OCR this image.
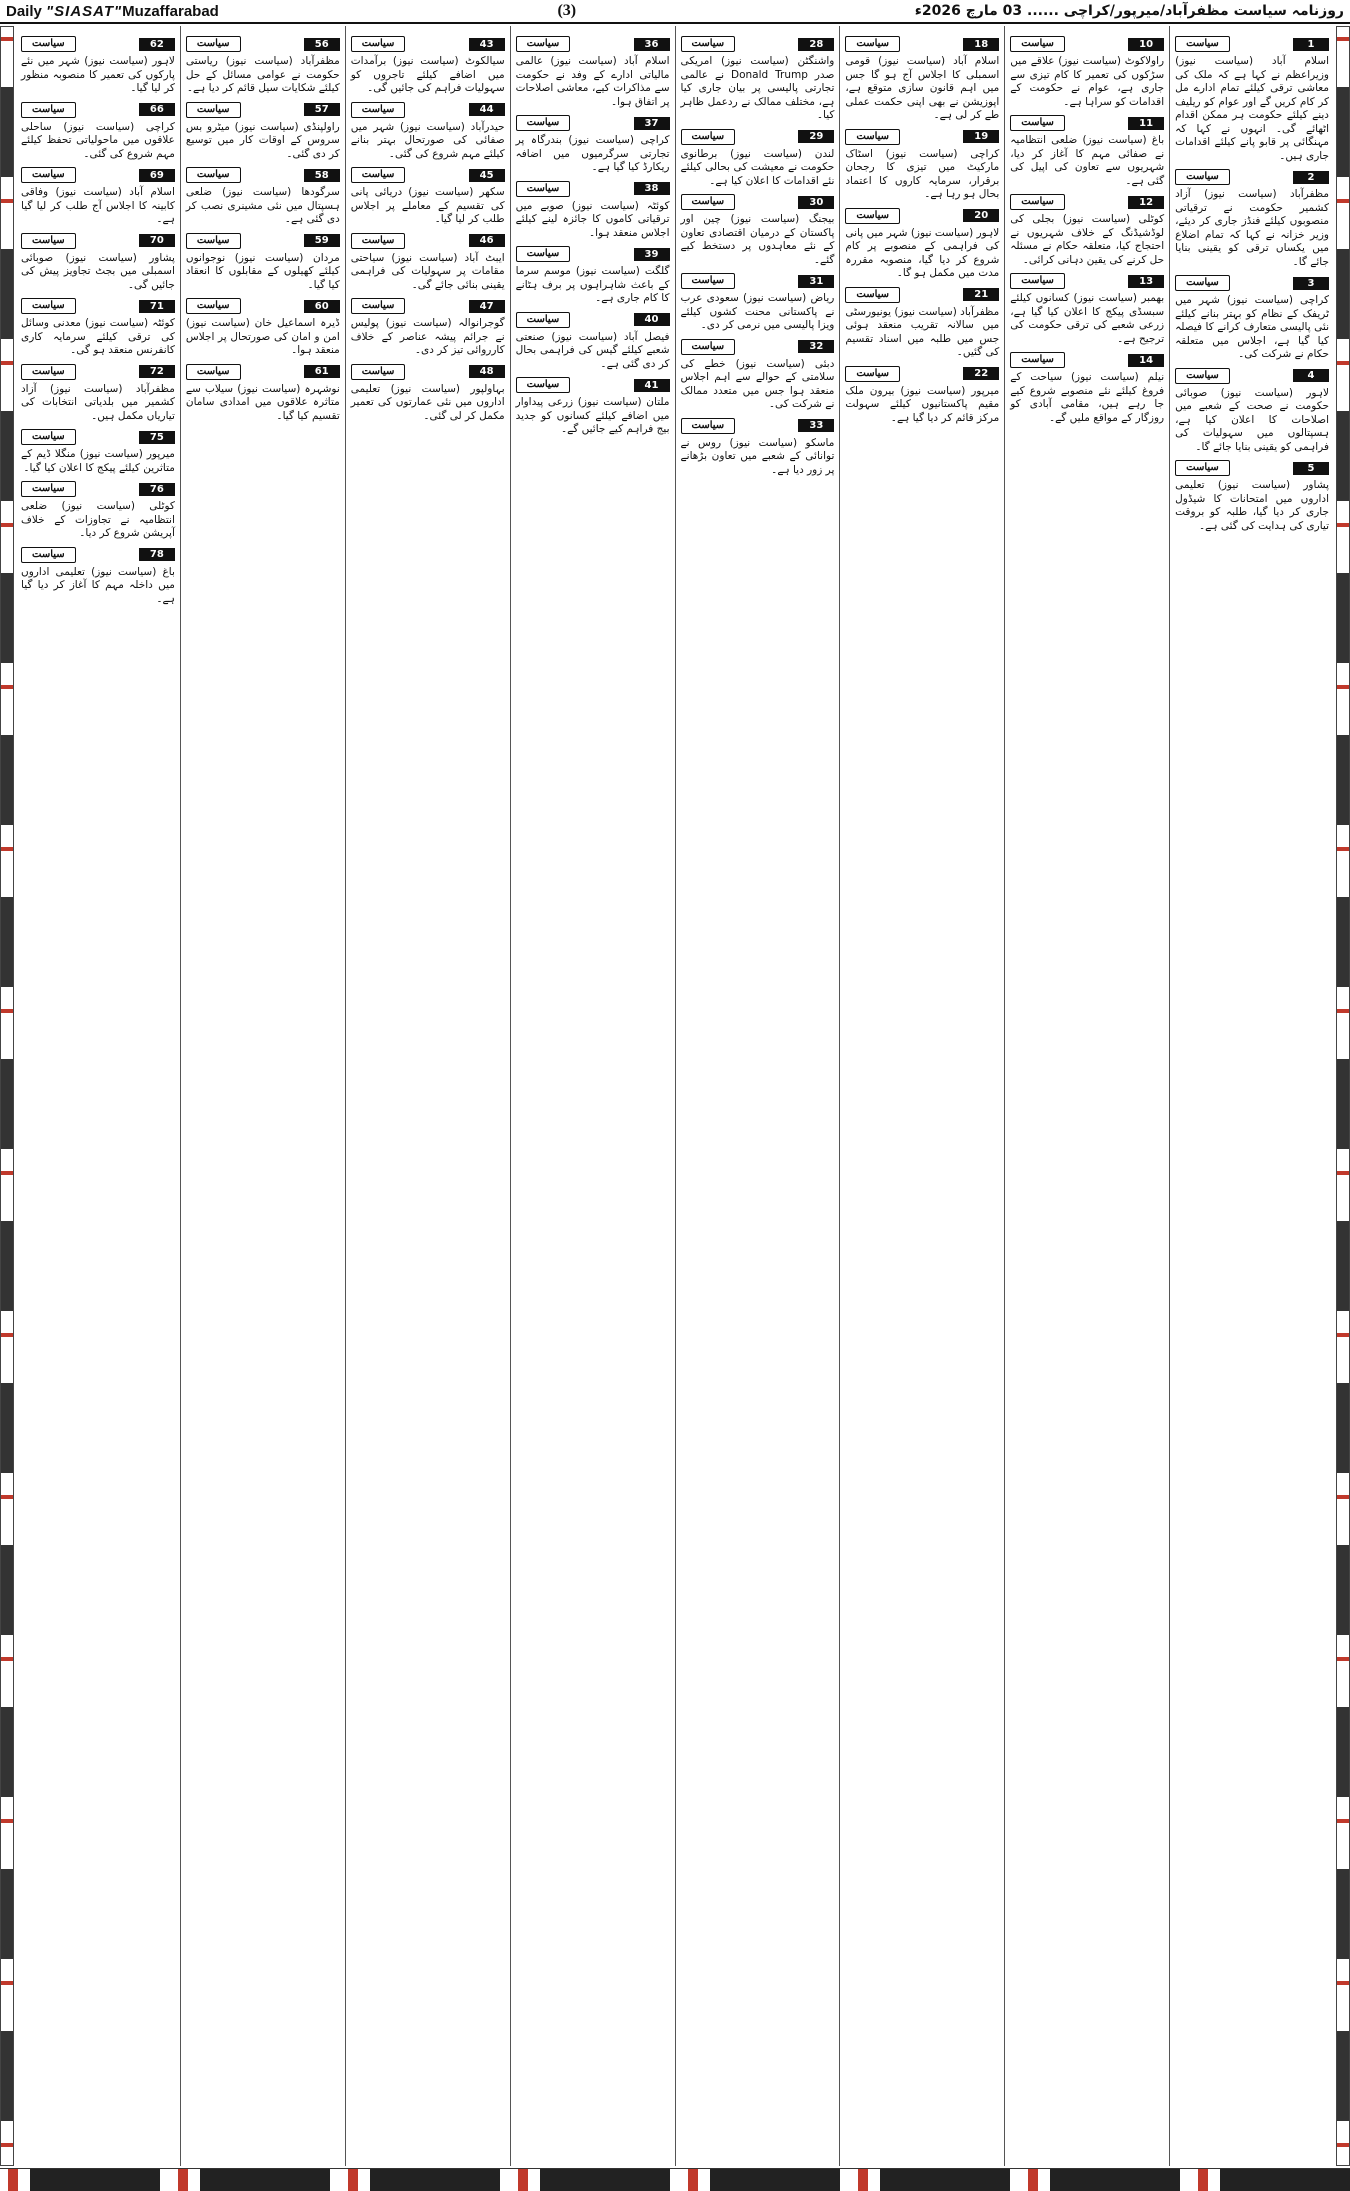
Daily "SIASAT"Muzaffarabad	(3)	روزنامہ سیاست مظفرآباد/میرپور/کراچی ...... 03 مارچ 2026ء
1
سیاست
اسلام آباد (سیاست نیوز) وزیراعظم نے کہا ہے کہ ملک کی معاشی ترقی کیلئے تمام ادارے مل کر کام کریں گے اور عوام کو ریلیف دینے کیلئے حکومت ہر ممکن اقدام اٹھائے گی۔ انہوں نے کہا کہ مہنگائی پر قابو پانے کیلئے اقدامات جاری ہیں۔
2
سیاست
مظفرآباد (سیاست نیوز) آزاد کشمیر حکومت نے ترقیاتی منصوبوں کیلئے فنڈز جاری کر دیئے، وزیر خزانہ نے کہا کہ تمام اضلاع میں یکساں ترقی کو یقینی بنایا جائے گا۔
3
سیاست
کراچی (سیاست نیوز) شہر میں ٹریفک کے نظام کو بہتر بنانے کیلئے نئی پالیسی متعارف کرانے کا فیصلہ کیا گیا ہے، اجلاس میں متعلقہ حکام نے شرکت کی۔
4
سیاست
لاہور (سیاست نیوز) صوبائی حکومت نے صحت کے شعبے میں اصلاحات کا اعلان کیا ہے، ہسپتالوں میں سہولیات کی فراہمی کو یقینی بنایا جائے گا۔
5
سیاست
پشاور (سیاست نیوز) تعلیمی اداروں میں امتحانات کا شیڈول جاری کر دیا گیا، طلبہ کو بروقت تیاری کی ہدایت کی گئی ہے۔
10
سیاست
راولاکوٹ (سیاست نیوز) علاقے میں سڑکوں کی تعمیر کا کام تیزی سے جاری ہے، عوام نے حکومت کے اقدامات کو سراہا ہے۔
11
سیاست
باغ (سیاست نیوز) ضلعی انتظامیہ نے صفائی مہم کا آغاز کر دیا، شہریوں سے تعاون کی اپیل کی گئی ہے۔
12
سیاست
کوٹلی (سیاست نیوز) بجلی کی لوڈشیڈنگ کے خلاف شہریوں نے احتجاج کیا، متعلقہ حکام نے مسئلہ حل کرنے کی یقین دہانی کرائی۔
13
سیاست
بھمبر (سیاست نیوز) کسانوں کیلئے سبسڈی پیکج کا اعلان کیا گیا ہے، زرعی شعبے کی ترقی حکومت کی ترجیح ہے۔
14
سیاست
نیلم (سیاست نیوز) سیاحت کے فروغ کیلئے نئے منصوبے شروع کیے جا رہے ہیں، مقامی آبادی کو روزگار کے مواقع ملیں گے۔
18
سیاست
اسلام آباد (سیاست نیوز) قومی اسمبلی کا اجلاس آج ہو گا جس میں اہم قانون سازی متوقع ہے، اپوزیشن نے بھی اپنی حکمت عملی طے کر لی ہے۔
19
سیاست
کراچی (سیاست نیوز) اسٹاک مارکیٹ میں تیزی کا رجحان برقرار، سرمایہ کاروں کا اعتماد بحال ہو رہا ہے۔
20
سیاست
لاہور (سیاست نیوز) شہر میں پانی کی فراہمی کے منصوبے پر کام شروع کر دیا گیا، منصوبہ مقررہ مدت میں مکمل ہو گا۔
21
سیاست
مظفرآباد (سیاست نیوز) یونیورسٹی میں سالانہ تقریب منعقد ہوئی جس میں طلبہ میں اسناد تقسیم کی گئیں۔
22
سیاست
میرپور (سیاست نیوز) بیرون ملک مقیم پاکستانیوں کیلئے سہولت مرکز قائم کر دیا گیا ہے۔
28
سیاست
واشنگٹن (سیاست نیوز) امریکی صدر Donald Trump نے عالمی تجارتی پالیسی پر بیان جاری کیا ہے، مختلف ممالک نے ردعمل ظاہر کیا۔
29
سیاست
لندن (سیاست نیوز) برطانوی حکومت نے معیشت کی بحالی کیلئے نئے اقدامات کا اعلان کیا ہے۔
30
سیاست
بیجنگ (سیاست نیوز) چین اور پاکستان کے درمیان اقتصادی تعاون کے نئے معاہدوں پر دستخط کیے گئے۔
31
سیاست
ریاض (سیاست نیوز) سعودی عرب نے پاکستانی محنت کشوں کیلئے ویزا پالیسی میں نرمی کر دی۔
32
سیاست
دبئی (سیاست نیوز) خطے کی سلامتی کے حوالے سے اہم اجلاس منعقد ہوا جس میں متعدد ممالک نے شرکت کی۔
33
سیاست
ماسکو (سیاست نیوز) روس نے توانائی کے شعبے میں تعاون بڑھانے پر زور دیا ہے۔
36
سیاست
اسلام آباد (سیاست نیوز) عالمی مالیاتی ادارے کے وفد نے حکومت سے مذاکرات کیے، معاشی اصلاحات پر اتفاق ہوا۔
37
سیاست
کراچی (سیاست نیوز) بندرگاہ پر تجارتی سرگرمیوں میں اضافہ ریکارڈ کیا گیا ہے۔
38
سیاست
کوئٹہ (سیاست نیوز) صوبے میں ترقیاتی کاموں کا جائزہ لینے کیلئے اجلاس منعقد ہوا۔
39
سیاست
گلگت (سیاست نیوز) موسم سرما کے باعث شاہراہوں پر برف ہٹانے کا کام جاری ہے۔
40
سیاست
فیصل آباد (سیاست نیوز) صنعتی شعبے کیلئے گیس کی فراہمی بحال کر دی گئی ہے۔
41
سیاست
ملتان (سیاست نیوز) زرعی پیداوار میں اضافے کیلئے کسانوں کو جدید بیج فراہم کیے جائیں گے۔
43
سیاست
سیالکوٹ (سیاست نیوز) برآمدات میں اضافے کیلئے تاجروں کو سہولیات فراہم کی جائیں گی۔
44
سیاست
حیدرآباد (سیاست نیوز) شہر میں صفائی کی صورتحال بہتر بنانے کیلئے مہم شروع کی گئی۔
45
سیاست
سکھر (سیاست نیوز) دریائی پانی کی تقسیم کے معاملے پر اجلاس طلب کر لیا گیا۔
46
سیاست
ایبٹ آباد (سیاست نیوز) سیاحتی مقامات پر سہولیات کی فراہمی یقینی بنائی جائے گی۔
47
سیاست
گوجرانوالہ (سیاست نیوز) پولیس نے جرائم پیشہ عناصر کے خلاف کارروائی تیز کر دی۔
48
سیاست
بہاولپور (سیاست نیوز) تعلیمی اداروں میں نئی عمارتوں کی تعمیر مکمل کر لی گئی۔
56
سیاست
مظفرآباد (سیاست نیوز) ریاستی حکومت نے عوامی مسائل کے حل کیلئے شکایات سیل قائم کر دیا ہے۔
57
سیاست
راولپنڈی (سیاست نیوز) میٹرو بس سروس کے اوقات کار میں توسیع کر دی گئی۔
58
سیاست
سرگودھا (سیاست نیوز) ضلعی ہسپتال میں نئی مشینری نصب کر دی گئی ہے۔
59
سیاست
مردان (سیاست نیوز) نوجوانوں کیلئے کھیلوں کے مقابلوں کا انعقاد کیا گیا۔
60
سیاست
ڈیرہ اسماعیل خان (سیاست نیوز) امن و امان کی صورتحال پر اجلاس منعقد ہوا۔
61
سیاست
نوشہرہ (سیاست نیوز) سیلاب سے متاثرہ علاقوں میں امدادی سامان تقسیم کیا گیا۔
62
سیاست
لاہور (سیاست نیوز) شہر میں نئے پارکوں کی تعمیر کا منصوبہ منظور کر لیا گیا۔
66
سیاست
کراچی (سیاست نیوز) ساحلی علاقوں میں ماحولیاتی تحفظ کیلئے مہم شروع کی گئی۔
69
سیاست
اسلام آباد (سیاست نیوز) وفاقی کابینہ کا اجلاس آج طلب کر لیا گیا ہے۔
70
سیاست
پشاور (سیاست نیوز) صوبائی اسمبلی میں بجٹ تجاویز پیش کی جائیں گی۔
71
سیاست
کوئٹہ (سیاست نیوز) معدنی وسائل کی ترقی کیلئے سرمایہ کاری کانفرنس منعقد ہو گی۔
72
سیاست
مظفرآباد (سیاست نیوز) آزاد کشمیر میں بلدیاتی انتخابات کی تیاریاں مکمل ہیں۔
75
سیاست
میرپور (سیاست نیوز) منگلا ڈیم کے متاثرین کیلئے پیکج کا اعلان کیا گیا۔
76
سیاست
کوٹلی (سیاست نیوز) ضلعی انتظامیہ نے تجاوزات کے خلاف آپریشن شروع کر دیا۔
78
سیاست
باغ (سیاست نیوز) تعلیمی اداروں میں داخلہ مہم کا آغاز کر دیا گیا ہے۔
